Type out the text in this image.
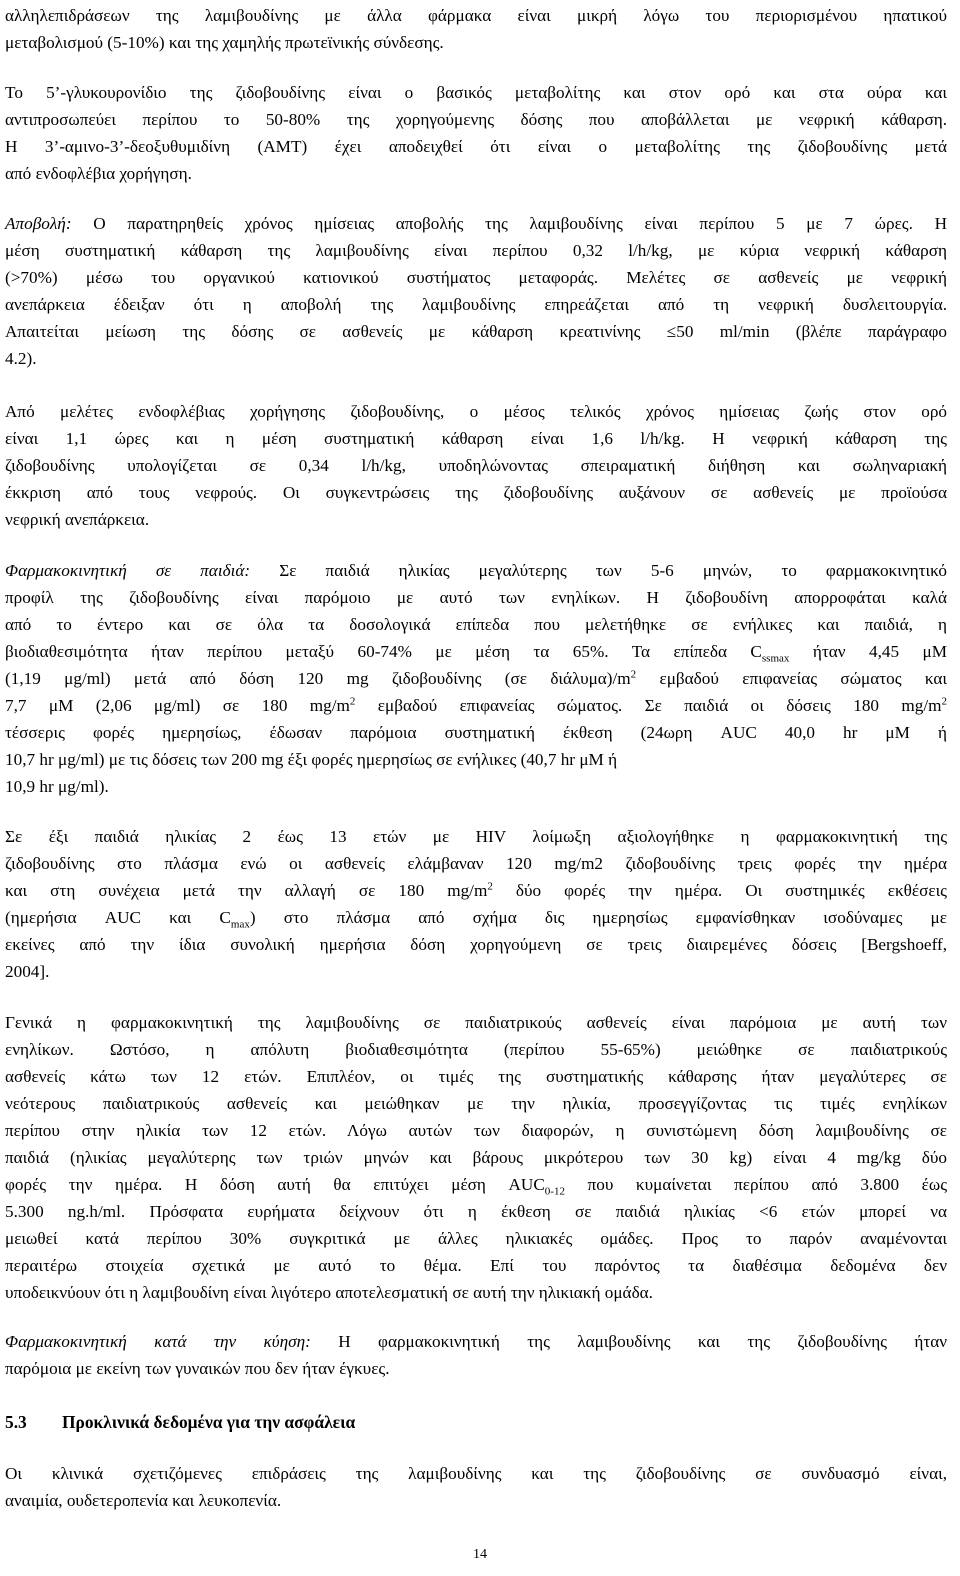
αλληλεπιδράσεων της λαμιβουδίνης με άλλα φάρμακα είναι μικρή λόγω του περιορισμένου ηπατικού
μεταβολισμού (5-10%) και της χαμηλής πρωτεϊνικής σύνδεσης.

Το 5’-γλυκουρονίδιο της ζιδοβουδίνης είναι ο βασικός μεταβολίτης και στον ορό και στα ούρα και
αντιπροσωπεύει περίπου το 50-80% της χορηγούμενης δόσης που αποβάλλεται με νεφρική κάθαρση.
Η 3’-αμινο-3’-δεοξυθυμιδίνη (AMT) έχει αποδειχθεί ότι είναι ο μεταβολίτης της ζιδοβουδίνης μετά
από ενδοφλέβια χορήγηση.

Αποβολή: Ο παρατηρηθείς χρόνος ημίσειας αποβολής της λαμιβουδίνης είναι περίπου 5 με 7 ώρες. Η
μέση συστηματική κάθαρση της λαμιβουδίνης είναι περίπου 0,32 l/h/kg, με κύρια νεφρική κάθαρση
(>70%) μέσω του οργανικού κατιονικού συστήματος μεταφοράς. Μελέτες σε ασθενείς με νεφρική
ανεπάρκεια έδειξαν ότι η αποβολή της λαμιβουδίνης επηρεάζεται από τη νεφρική δυσλειτουργία.
Απαιτείται μείωση της δόσης σε ασθενείς με κάθαρση κρεατινίνης ≤50 ml/min (βλέπε παράγραφο
4.2).

Από μελέτες ενδοφλέβιας χορήγησης ζιδοβουδίνης, ο μέσος τελικός χρόνος ημίσειας ζωής στον ορό
είναι 1,1 ώρες και η μέση συστηματική κάθαρση είναι 1,6 l/h/kg. Η νεφρική κάθαρση της
ζιδοβουδίνης υπολογίζεται σε 0,34 l/h/kg, υποδηλώνοντας σπειραματική διήθηση και σωληναριακή
έκκριση από τους νεφρούς. Οι συγκεντρώσεις της ζιδοβουδίνης αυξάνουν σε ασθενείς με προϊούσα
νεφρική ανεπάρκεια.

Φαρμακοκινητική σε παιδιά: Σε παιδιά ηλικίας μεγαλύτερης των 5-6 μηνών, το φαρμακοκινητικό
προφίλ της ζιδοβουδίνης είναι παρόμοιο με αυτό των ενηλίκων. Η ζιδοβουδίνη απορροφάται καλά
από το έντερο και σε όλα τα δοσολογικά επίπεδα που μελετήθηκε σε ενήλικες και παιδιά, η
βιοδιαθεσιμότητα ήταν περίπου μεταξύ 60-74% με μέση τα 65%. Τα επίπεδα $C_{ssmax}$ ήταν 4,45 μM
(1,19 μg/ml) μετά από δόση 120 mg ζιδοβουδίνης (σε $\delta\iota ά\lambda\upsilon\mu\alpha)/m^2$ εμβαδού επιφανείας σώματος και
7,7 μM (2,06 μg/ml) σε 180 $mg/m^2$ εμβαδού επιφανείας σώματος. Σε παιδιά οι δόσεις 180 $mg/m^2$
τέσσερις φορές ημερησίως, έδωσαν παρόμοια συστηματική έκθεση (24ωρη AUC 40,0 hr μM ή
10,7 hr μg/ml) με τις δόσεις των 200 mg έξι φορές ημερησίως σε ενήλικες (40,7 hr μM ή
10,9 hr μg/ml).

Σε έξι παιδιά ηλικίας 2 έως 13 ετών με HIV λοίμωξη αξιολογήθηκε η φαρμακοκινητική της
ζιδοβουδίνης στο πλάσμα ενώ οι ασθενείς ελάμβαναν 120 mg/m2 ζιδοβουδίνης τρεις φορές την ημέρα
και στη συνέχεια μετά την αλλαγή σε 180 $mg/m^2$ δύο φορές την ημέρα. Οι συστημικές εκθέσεις
(ημερήσια AUC και $C_{max}$) στο πλάσμα από σχήμα δις ημερησίως εμφανίσθηκαν ισοδύναμες με
εκείνες από την ίδια συνολική ημερήσια δόση χορηγούμενη σε τρεις διαιρεμένες δόσεις [Bergshoeff,
2004].

Γενικά η φαρμακοκινητική της λαμιβουδίνης σε παιδιατρικούς ασθενείς είναι παρόμοια με αυτή των
ενηλίκων. Ωστόσο, η απόλυτη βιοδιαθεσιμότητα (περίπου 55-65%) μειώθηκε σε παιδιατρικούς
ασθενείς κάτω των 12 ετών. Επιπλέον, οι τιμές της συστηματικής κάθαρσης ήταν μεγαλύτερες σε
νεότερους παιδιατρικούς ασθενείς και μειώθηκαν με την ηλικία, προσεγγίζοντας τις τιμές ενηλίκων
περίπου στην ηλικία των 12 ετών. Λόγω αυτών των διαφορών, η συνιστώμενη δόση λαμιβουδίνης σε
παιδιά (ηλικίας μεγαλύτερης των τριών μηνών και βάρους μικρότερου των 30 kg) είναι 4 mg/kg δύο
φορές την ημέρα. Η δόση αυτή θα επιτύχει μέση $AUC_{0-12}$ που κυμαίνεται περίπου από 3.800 έως
5.300 ng.h/ml. Πρόσφατα ευρήματα δείχνουν ότι η έκθεση σε παιδιά ηλικίας <6 ετών μπορεί να
μειωθεί κατά περίπου 30% συγκριτικά με άλλες ηλικιακές ομάδες. Προς το παρόν αναμένονται
περαιτέρω στοιχεία σχετικά με αυτό το θέμα. Επί του παρόντος τα διαθέσιμα δεδομένα δεν
υποδεικνύουν ότι η λαμιβουδίνη είναι λιγότερο αποτελεσματική σε αυτή την ηλικιακή ομάδα.

Φαρμακοκινητική κατά την κύηση: Η φαρμακοκινητική της λαμιβουδίνης και της ζιδοβουδίνης ήταν
παρόμοια με εκείνη των γυναικών που δεν ήταν έγκυες.

5.3 Προκλινικά δεδομένα για την ασφάλεια

Οι κλινικά σχετιζόμενες επιδράσεις της λαμιβουδίνης και της ζιδοβουδίνης σε συνδυασμό είναι,
αναιμία, ουδετεροπενία και λευκοπενία.

14
